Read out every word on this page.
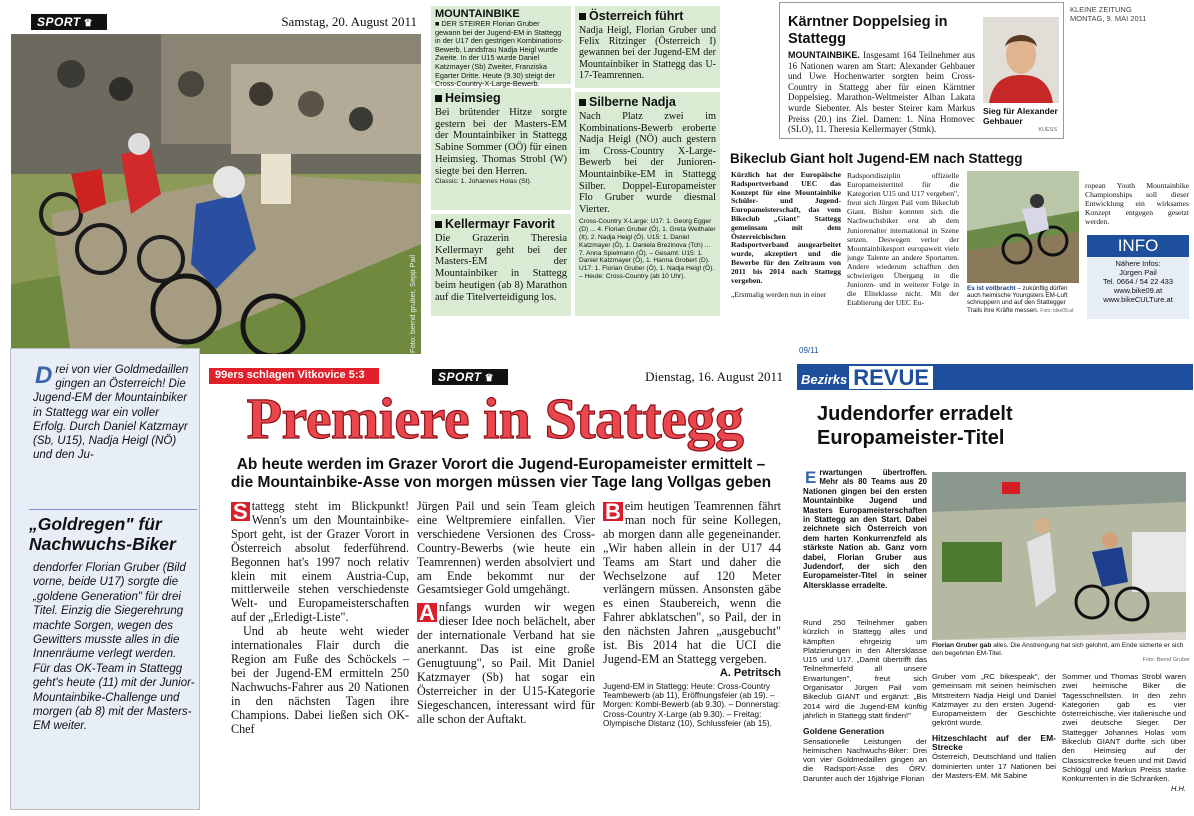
SPORT ♛	Samstag, 20. August 2011
Foto: bernd gruber, Sepp Pail
MOUNTAINBIKE
■ DER STEIRER Florian Gruber gewann bei der Jugend-EM in Stattegg in der U17 den gestrigen Kombinations-Bewerb, Landsfrau Nadja Heigl wurde Zweite. In der U15 wurde Daniel Katzmayer (Sb) Zweiter, Franziska Egarter Dritte. Heute (9.30) steigt der Cross-Country-X-Large-Bewerb.
Heimsieg
Bei brütender Hitze sorgte gestern bei der Masters-EM der Mountainbiker in Stattegg Sabine Sommer (OÖ) für einen Heimsieg. Thomas Strobl (W) siegte bei den Herren.
Classic: 1. Johannes Holas (St).
Kellermayr Favorit
Die Grazerin Theresia Kellermayr geht bei der Masters-EM der Mountainbiker in Stattegg beim heutigen (ab 8) Marathon auf die Titelverteidigung los.
Österreich führt
Nadja Heigl, Florian Gruber und Felix Ritzinger (Österreich I) gewannen bei der Jugend-EM der Mountainbiker in Stattegg das U-17-Teamrennen.
Silberne Nadja
Nach Platz zwei im Kombinations-Bewerb eroberte Nadja Heigl (NÖ) auch gestern im Cross-Country X-Large-Bewerb bei der Junioren-Mountainbike-EM in Stattegg Silber. Doppel-Europameister Flo Gruber wurde diesmal Vierter.
Cross-Country X-Large: U17: 1. Georg Egger (D) ... 4. Florian Gruber (Ö), 1. Greta Weithaler (It), 2. Nadja Heigl (Ö). U15: 1. Daniel Katzmayer (Ö), 1. Daniela Brezinova (Tch) ... 7. Anna Spielmann (Ö). – Gesamt: U15: 1. Daniel Katzmayer (Ö), 1. Hanna Grobert (D). U17: 1. Florian Gruber (Ö), 1. Nadja Heigl (Ö). – Heute: Cross-Country (ab 10 Uhr).
KLEINE ZEITUNG
MONTAG, 9. MAI 2011
Kärntner Doppelsieg in Stattegg
MOUNTAINBIKE. Insgesamt 164 Teilnehmer aus 16 Nationen waren am Start: Alexander Gehbauer und Uwe Hochenwarter sorgten beim Cross-Country in Stattegg aber für einen Kärntner Doppelsieg. Marathon-Weltmeister Alban Lakata wurde Siebenter. Als bester Steirer kam Markus Preiss (20.) ins Ziel. Damen: 1. Nina Homovec (SLO), 11. Theresia Kellermayer (Stmk).
Sieg für Alexander Gehbauer
KUESS
Bikeclub Giant holt Jugend-EM nach Stattegg
Kürzlich hat der Europäische Radsportverband UEC das Konzept für eine Mountainbike Schüler- und Jugend-Europameisterschaft, das vom Bikeclub „Giant" Stattegg gemeinsam mit dem Österreichischen Radsportverband ausgearbeitet wurde, akzeptiert und die Bewerbe für den Zeitraum von 2011 bis 2014 nach Stattegg vergeben.
„Erstmalig werden nun in einer
Radsportdisziplin offizielle Europameistertitel für die Kategorien U15 und U17 vergeben", freut sich Jürgen Pail vom Bikeclub Giant. Bisher konnten sich die Nachwuchsbiker erst ab dem Juniorenalter international in Szene setzen. Deswegen verlor der Mountainbikesport europaweit viele junge Talente an andere Sportarten. Andere wiederum schafften den schwierigen Übergang in die Junioren- und in weiterer Folge in die Eliteklasse nicht. Mit der Etablierung der UEC Eu-
Es ist vollbracht – zukünftig dürfen auch heimische Youngsters EM-Luft schnuppern und auf den Stattegger Trails ihre Kräfte messen. Foto: bike09.at
ropean Youth Mountainbike Championships soll dieser Entwicklung ein wirksames Konzept entgegen gesetzt werden.
INFO
Nähere Infos:
Jürgen Pail
Tel. 0664 / 54 22 433
www.bike09.at
www.bikeCULTure.at
99ers schlagen Vitkovice 5:3	SPORT ♛	Dienstag, 16. August 2011
Premiere in Stattegg
Ab heute werden im Grazer Vorort die Jugend-Europameister ermittelt – die Mountainbike-Asse von morgen müssen vier Tage lang Vollgas geben
S tattegg steht im Blickpunkt! Wenn's um den Mountainbike-Sport geht, ist der Grazer Vorort in Österreich absolut federführend. Begonnen hat's 1997 noch relativ klein mit einem Austria-Cup, mittlerweile stehen verschiedenste Welt- und Europameisterschaften auf der „Erledigt-Liste".

Und ab heute weht wieder internationales Flair durch die Region am Fuße des Schöckels – bei der Jugend-EM ermitteln 250 Nachwuchs-Fahrer aus 20 Nationen in den nächsten Tagen ihre Champions. Dabei ließen sich OK-Chef

Jürgen Pail und sein Team gleich eine Weltpremiere einfallen. Vier verschiedene Versionen des Cross-Country-Bewerbs (wie heute ein Teamrennen) werden absolviert und am Ende bekommt nur der Gesamtsieger Gold umgehängt.

A nfangs wurden wir wegen dieser Idee noch belächelt, aber der internationale Verband hat sie anerkannt. Das ist eine große Genugtuung", so Pail. Mit Daniel Katzmayer (Sb) hat sogar ein Österreicher in der U15-Kategorie Siegeschancen, interessant wird für alle schon der Auftakt.

B eim heutigen Teamrennen fährt man noch für seine Kollegen, ab morgen dann alle gegeneinander. „Wir haben allein in der U17 44 Teams am Start und daher die Wechselzone auf 120 Meter verlängern müssen. Ansonsten gäbe es einen Staubereich, wenn die Fahrer abklatschen", so Pail, der in den nächsten Jahren „ausgebucht" ist. Bis 2014 hat die UCI die Jugend-EM an Stattegg vergeben.
A. Petritsch
Jugend-EM in Stattegg: Heute: Cross-Country Teambewerb (ab 11), Eröffnungsfeier (ab 19). – Morgen: Kombi-Bewerb (ab 9.30). – Donnerstag: Cross-Country X-Large (ab 9.30). – Freitag: Olympische Distanz (10), Schlussfeier (ab 15).
Drei von vier Goldmedaillen gingen an Österreich! Die Jugend-EM der Mountainbiker in Stattegg war ein voller Erfolg. Durch Daniel Katzmayr (Sb, U15), Nadja Heigl (NÖ) und den Ju-
„Goldregen" für Nachwuchs-Biker
dendorfer Florian Gruber (Bild vorne, beide U17) sorgte die „goldene Generation" für drei Titel. Einzig die Siegerehrung machte Sorgen, wegen des Gewitters musste alles in die Innenräume verlegt werden. Für das OK-Team in Stattegg geht's heute (11) mit der Junior-Mountainbike-Challenge und morgen (ab 8) mit der Masters-EM weiter.
09/11
Bezirks REVUE
Judendorfer erradelt Europameister-Titel
Erwartungen übertroffen. Mehr als 80 Teams aus 20 Nationen gingen bei den ersten Mountainbike Jugend und Masters Europameisterschaften in Stattegg an den Start. Dabei zeichnete sich Österreich von dem harten Konkurrenzfeld als stärkste Nation ab. Ganz vorn dabei, Florian Gruber aus Judendorf, der sich den Europameister-Titel in seiner Altersklasse erradelte.
Florian Gruber gab alles. Die Anstrengung hat sich gelohnt, am Ende sicherte er sich den begehrten EM-Titel.
Foto: Bernd Gruber
Rund 250 Teilnehmer gaben kürzlich in Stattegg alles und kämpften ehrgeizig um Platzierungen in den Altersklasse U15 und U17. „Damit übertrifft das Teilnehmerfeld all unsere Erwartungen", freut sich Organisator Jürgen Pail vom Bikeclub GIANT und ergänzt: „Bis 2014 wird die Jugend-EM künftig jährlich in Stattegg statt finden!"
Goldene Generation
Sensationelle Leistungen der heimischen Nachwuchs-Biker: Drei von vier Goldmedaillen gingen an die Radsport-Asse des ÖRV. Darunter auch der 16jährige Florian
Gruber vom „RC bikespeak", der gemeinsam mit seinen heimischen Mitstreitern Nadja Heigl und Daniel Katzmayer zu den ersten Jugend-Europameistern der Geschichte gekrönt wurde.
Hitzeschlacht auf der EM-Strecke
Österreich, Deutschland und Italien dominierten unter 17 Nationen bei der Masters-EM. Mit Sabine
Sommer und Thomas Strobl waren zwei heimische Biker die Tagesschnellsten. In den zehn Kategorien gab es vier österreichische, vier italienische und zwei deutsche Sieger. Der Stattegger Johannes Holas vom Bikeclub GIANT durfte sich über den Heimsieg auf der Classicstrecke freuen und mit David Schlöggl und Markus Preiss starke Konkurrenten in die Schranken.
H.H.
